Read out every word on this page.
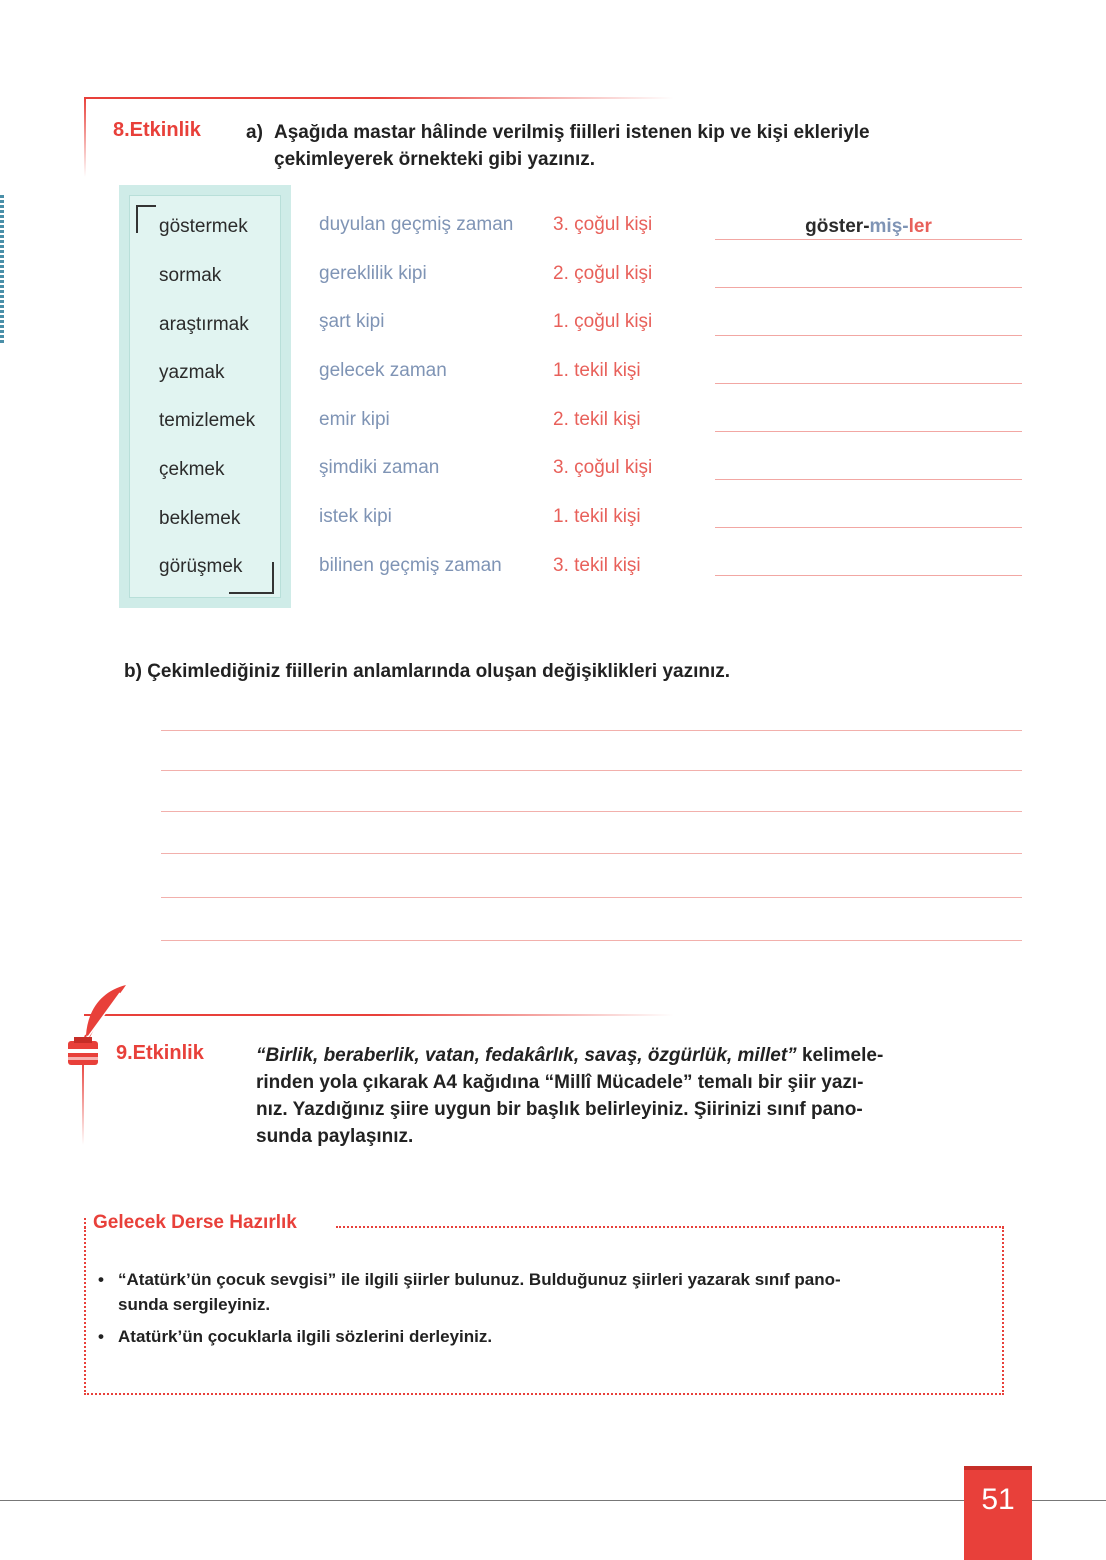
8.Etkinlik a) Aşağıda mastar hâlinde verilmiş fiilleri istenen kip ve kişi ekleriyle
çekimleyerek örnekteki gibi yazınız.
göstermek	duyulan geçmiş zaman 3. çoğul kişi	göster-miş-ler
sormak	gereklilik kipi	2. çoğul kişi
araştırmak	şart kipi	1. çoğul kişi
yazmak	gelecek zaman	1. tekil kişi
temizlemek	emir kipi	2. tekil kişi
çekmek	şimdiki zaman	3. çoğul kişi
beklemek	istek kipi	1. tekil kişi
görüşmek	bilinen geçmiş zaman	3. tekil kişi
b) Çekimlediğiniz fiillerin anlamlarında oluşan değişiklikleri yazınız.
9.Etkinlik	“Birlik, beraberlik, vatan, fedakârlık, savaş, özgürlük, millet” kelimele-
rinden yola çıkarak A4 kağıdına “Millî Mücadele” temalı bir şiir yazı-
nız. Yazdığınız şiire uygun bir başlık belirleyiniz. Şiirinizi sınıf pano-
sunda paylaşınız.
Gelecek Derse Hazırlık
• “Atatürk’ün çocuk sevgisi” ile ilgili şiirler bulunuz. Bulduğunuz şiirleri yazarak sınıf pano-
sunda sergileyiniz.
• Atatürk’ün çocuklarla ilgili sözlerini derleyiniz.
51
